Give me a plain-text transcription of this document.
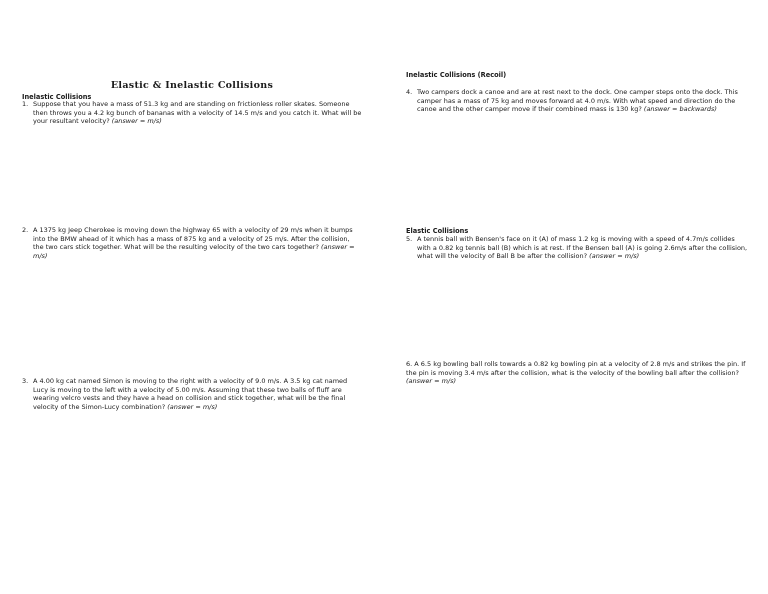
Elastic & Inelastic Collisions
Inelastic Collisions
1. Suppose that you have a mass of 51.3 kg and are standing on frictionless roller skates. Someone then throws you a 4.2 kg bunch of bananas with a velocity of 14.5 m/s and you catch it. What will be your resultant velocity? (answer = m/s)
2. A 1375 kg Jeep Cherokee is moving down the highway 65 with a velocity of 29 m/s when it bumps into the BMW ahead of it which has a mass of 875 kg and a velocity of 25 m/s. After the collision, the two cars stick together. What will be the resulting velocity of the two cars together? (answer = m/s)
3. A 4.00 kg cat named Simon is moving to the right with a velocity of 9.0 m/s. A 3.5 kg cat named Lucy is moving to the left with a velocity of 5.00 m/s. Assuming that these two balls of fluff are wearing velcro vests and they have a head on collision and stick together, what will be the final velocity of the Simon-Lucy combination? (answer = m/s)
Inelastic Collisions (Recoil)
4. Two campers dock a canoe and are at rest next to the dock. One camper steps onto the dock. This camper has a mass of 75 kg and moves forward at 4.0 m/s. With what speed and direction do the canoe and the other camper move if their combined mass is 130 kg? (answer = backwards)
Elastic Collisions
5. A tennis ball with Bensen's face on it (A) of mass 1.2 kg is moving with a speed of 4.7m/s collides with a 0.82 kg tennis ball (B) which is at rest. If the Bensen ball (A) is going 2.6m/s after the collision, what will the velocity of Ball B be after the collision? (answer = m/s)
6. A 6.5 kg bowling ball rolls towards a 0.82 kg bowling pin at a velocity of 2.8 m/s and strikes the pin. If the pin is moving 3.4 m/s after the collision, what is the velocity of the bowling ball after the collision? (answer = m/s)
